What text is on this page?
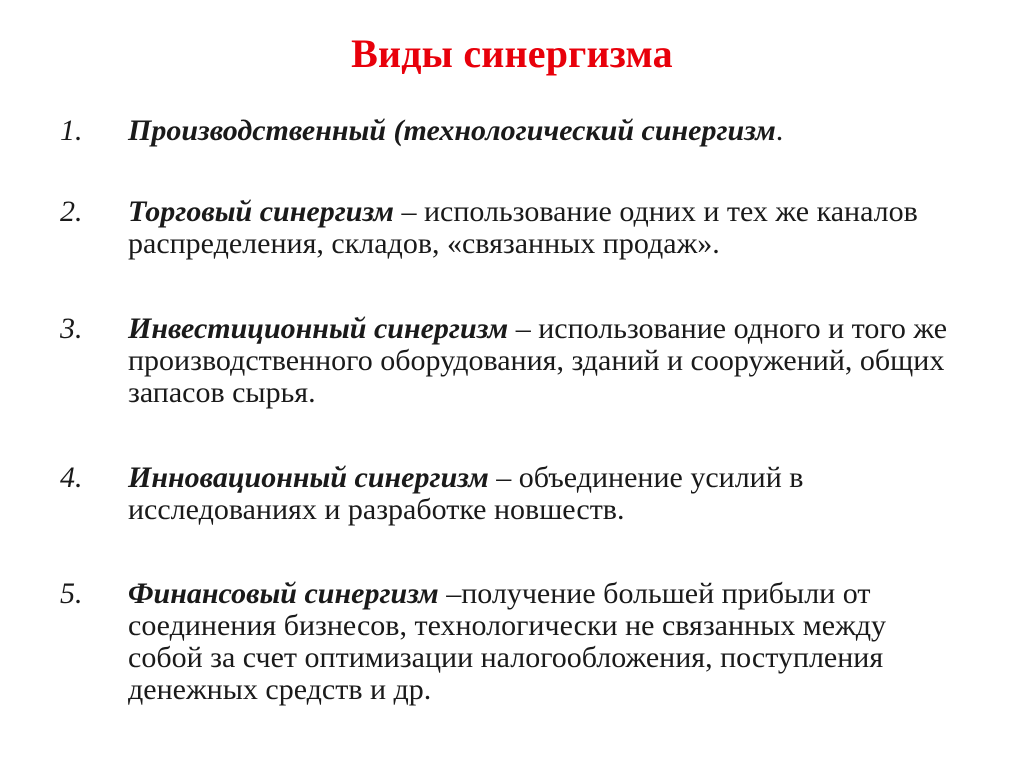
Виды синергизма
1. Производственный (технологический синергизм.
2. Торговый синергизм – использование одних и тех же каналов распределения, складов, «связанных продаж».
3. Инвестиционный синергизм – использование одного и того же производственного оборудования, зданий и сооружений, общих запасов сырья.
4. Инновационный синергизм – объединение усилий в исследованиях и разработке новшеств.
5. Финансовый синергизм –получение большей прибыли от соединения бизнесов, технологически не связанных между собой за счет оптимизации налогообложения, поступления денежных средств и др.
